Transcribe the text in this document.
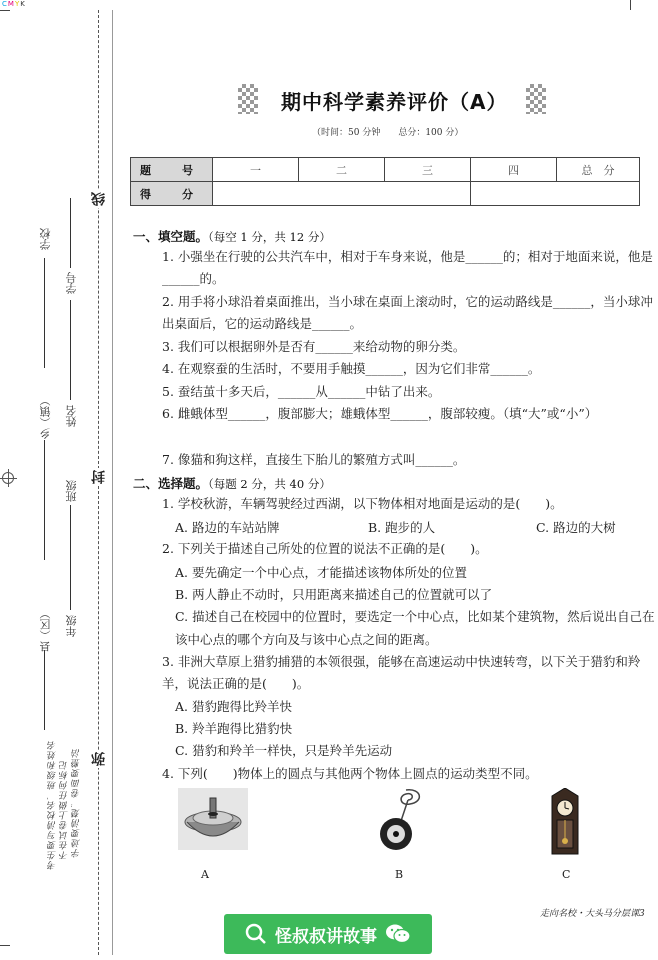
CMYK
线
封
弥
学校
学号
乡（镇） 姓名
班级
县（区） 年级
考生要写清校名、班级和姓名 不在试卷上做任何标记 字迹要清楚，卷面要整洁
期中科学素养评价（A）
（时间：50 分钟　　总分：100 分）
题　号	一	二	三	四	总　分
得　分					
一、填空题。（每空 1 分，共 12 分）
1. 小强坐在行驶的公共汽车中，相对于车身来说，他是______的；相对于地面来说，他是______的。
2. 用手将小球沿着桌面推出，当小球在桌面上滚动时，它的运动路线是______，当小球冲出桌面后，它的运动路线是______。
3. 我们可以根据卵外是否有______来给动物的卵分类。
4. 在观察蚕的生活时，不要用手触摸______，因为它们非常______。
5. 蚕结茧十多天后，______从______中钻了出来。
6. 雌蛾体型______，腹部膨大；雄蛾体型______，腹部较瘦。（填“大”或“小”）
7. 像猫和狗这样，直接生下胎儿的繁殖方式叫______。
二、选择题。（每题 2 分，共 40 分）
1. 学校秋游，车辆驾驶经过西湖，以下物体相对地面是运动的是(　　)。
A. 路边的车站站牌	B. 跑步的人	C. 路边的大树
2. 下列关于描述自己所处的位置的说法不正确的是(　　)。
A. 要先确定一个中心点，才能描述该物体所处的位置
B. 两人静止不动时，只用距离来描述自己的位置就可以了
C. 描述自己在校园中的位置时，要选定一个中心点，比如某个建筑物，然后说出自己在该中心点的哪个方向及与该中心点之间的距离。
3. 非洲大草原上猎豹捕猎的本领很强，能够在高速运动中快速转弯，以下关于猎豹和羚羊，说法正确的是(　　)。
A. 猎豹跑得比羚羊快
B. 羚羊跑得比猎豹快
C. 猎豹和羚羊一样快，只是羚羊先运动
4. 下列(　　)物体上的圆点与其他两个物体上圆点的运动类型不同。
A	B	C
走向名校・大头马分层课3
怪叔叔讲故事
